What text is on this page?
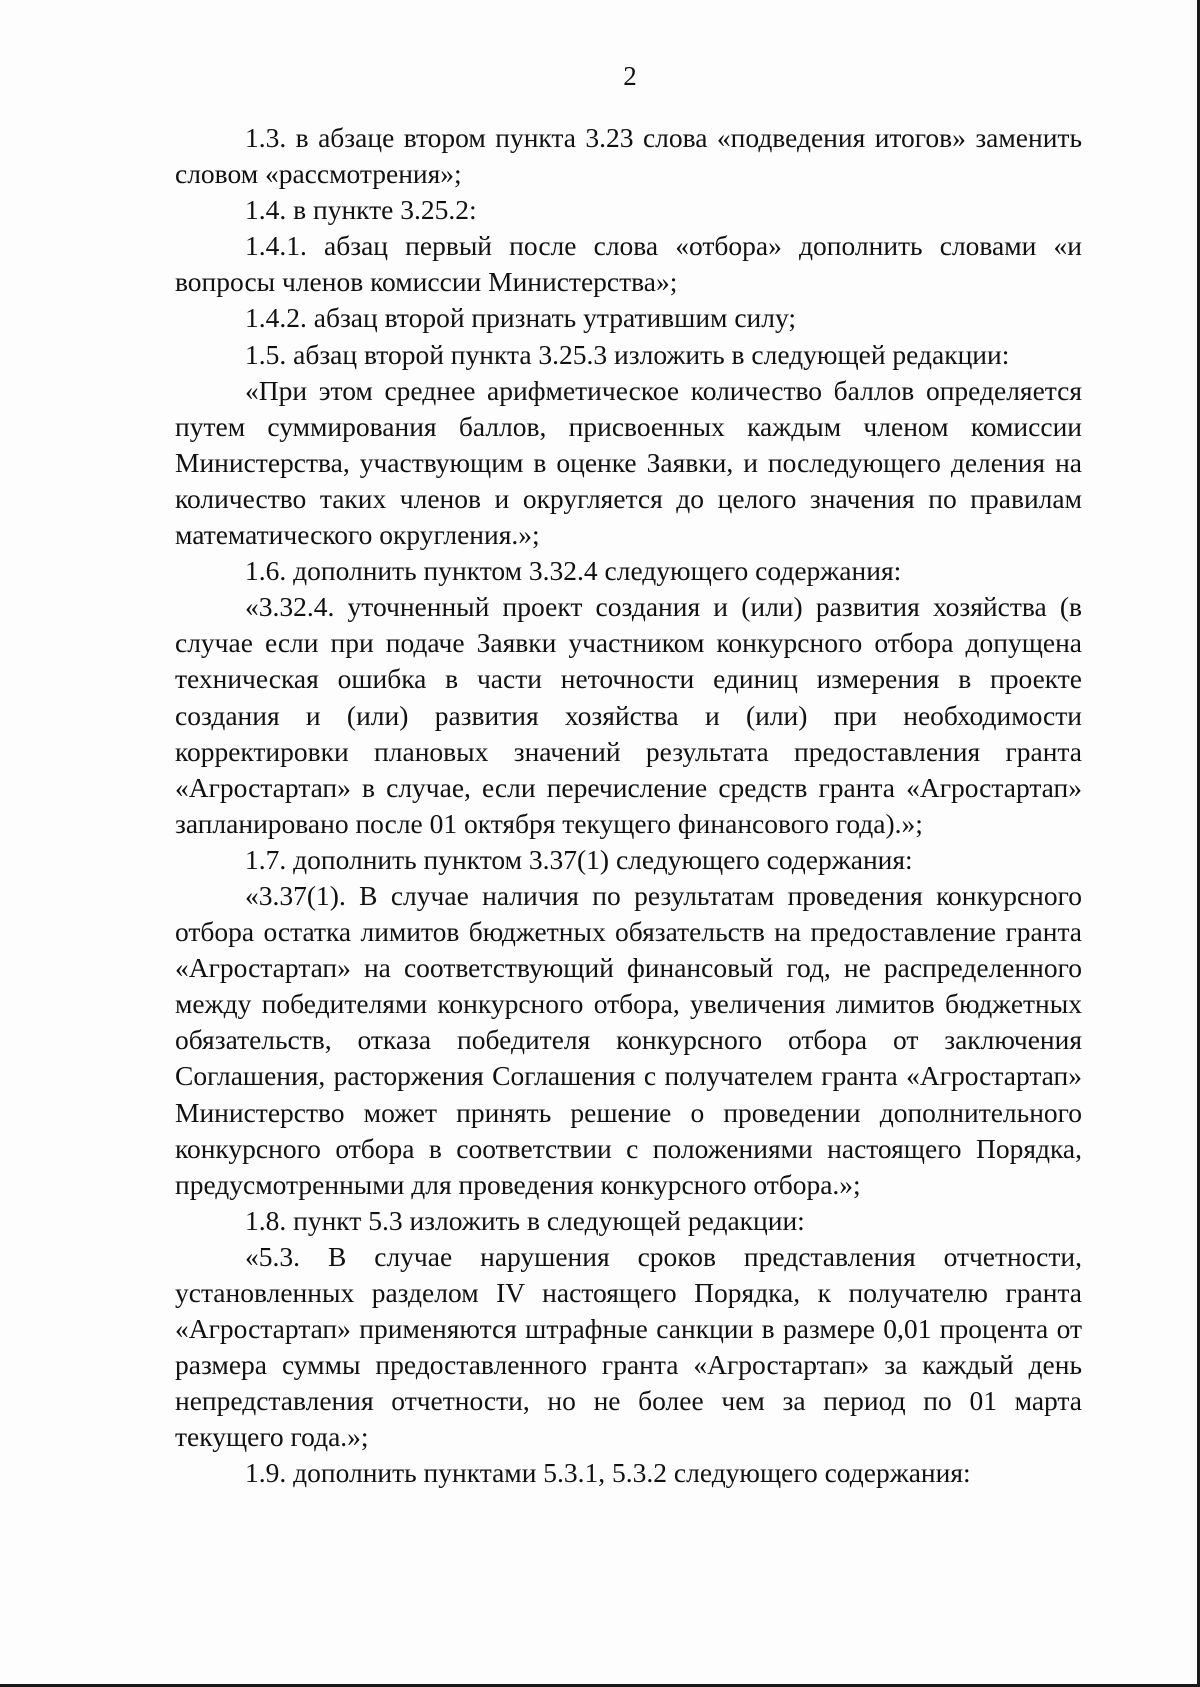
2

1.3. в абзаце втором пункта 3.23 слова «подведения итогов» заменить словом «рассмотрения»;

1.4. в пункте 3.25.2:

1.4.1. абзац первый после слова «отбора» дополнить словами «и вопросы членов комиссии Министерства»;

1.4.2. абзац второй признать утратившим силу;

1.5. абзац второй пункта 3.25.3 изложить в следующей редакции:

«При этом среднее арифметическое количество баллов определяется путем суммирования баллов, присвоенных каждым членом комиссии Министерства, участвующим в оценке Заявки, и последующего деления на количество таких членов и округляется до целого значения по правилам математического округления.»;

1.6. дополнить пунктом 3.32.4 следующего содержания:

«3.32.4. уточненный проект создания и (или) развития хозяйства (в случае если при подаче Заявки участником конкурсного отбора допущена техническая ошибка в части неточности единиц измерения в проекте создания и (или) развития хозяйства и (или) при необходимости корректировки плановых значений результата предоставления гранта «Агростартап» в случае, если перечисление средств гранта «Агростартап» запланировано после 01 октября текущего финансового года).»;

1.7. дополнить пунктом 3.37(1) следующего содержания:

«3.37(1). В случае наличия по результатам проведения конкурсного отбора остатка лимитов бюджетных обязательств на предоставление гранта «Агростартап» на соответствующий финансовый год, не распределенного между победителями конкурсного отбора, увеличения лимитов бюджетных обязательств, отказа победителя конкурсного отбора от заключения Соглашения, расторжения Соглашения с получателем гранта «Агростартап» Министерство может принять решение о проведении дополнительного конкурсного отбора в соответствии с положениями настоящего Порядка, предусмотренными для проведения конкурсного отбора.»;

1.8. пункт 5.3 изложить в следующей редакции:

«5.3. В случае нарушения сроков представления отчетности, установленных разделом IV настоящего Порядка, к получателю гранта «Агростартап» применяются штрафные санкции в размере 0,01 процента от размера суммы предоставленного гранта «Агростартап» за каждый день непредставления отчетности, но не более чем за период по 01 марта текущего года.»;

1.9. дополнить пунктами 5.3.1, 5.3.2 следующего содержания:
